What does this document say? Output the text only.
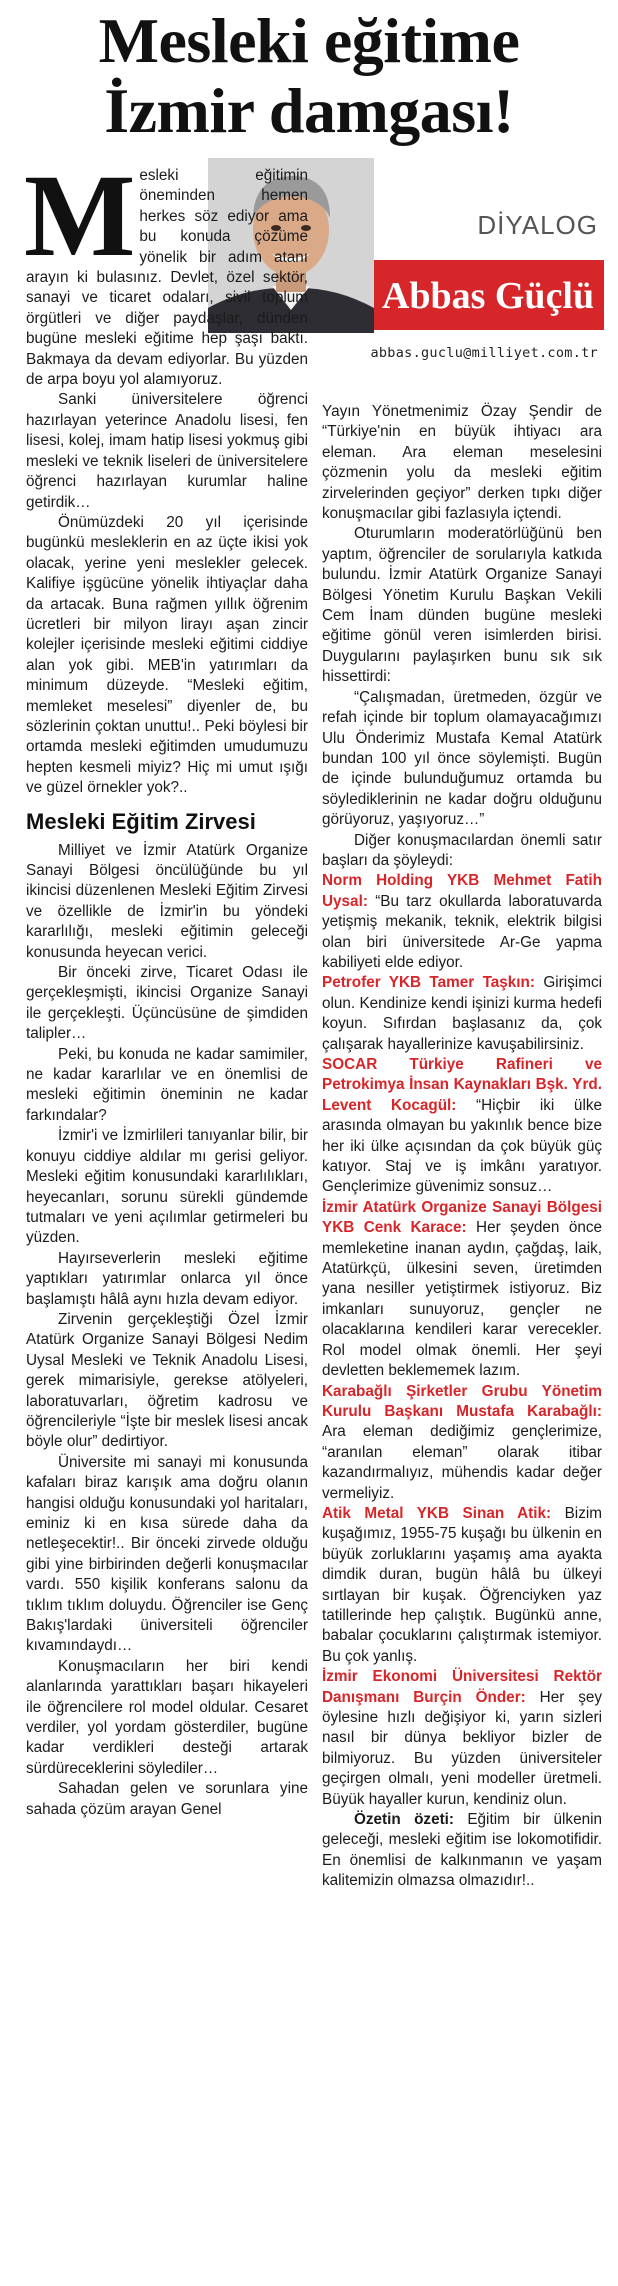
Mesleki eğitime
İzmir damgası!
DİYALOG
Abbas Güçlü
abbas.guclu@milliyet.com.tr

Mesleki eğitimin öneminden hemen herkes söz ediyor ama bu konuda çözüme yönelik bir adım atanı arayın ki bulasınız. Devlet, özel sektör, sanayi ve ticaret odaları, sivil toplum örgütleri ve diğer paydaşlar, dünden bugüne mesleki eğitime hep şaşı baktı. Bakmaya da devam ediyorlar. Bu yüzden de arpa boyu yol alamıyoruz.

Sanki üniversitelere öğrenci hazırlayan yeterince Anadolu lisesi, fen lisesi, kolej, imam hatip lisesi yokmuş gibi mesleki ve teknik liseleri de üniversitelere öğrenci hazırlayan kurumlar haline getirdik…

Önümüzdeki 20 yıl içerisinde bugünkü mesleklerin en az üçte ikisi yok olacak, yerine yeni meslekler gelecek. Kalifiye işgücüne yönelik ihtiyaçlar daha da artacak. Buna rağmen yıllık öğrenim ücretleri bir milyon lirayı aşan zincir kolejler içerisinde mesleki eğitimi ciddiye alan yok gibi. MEB'in yatırımları da minimum düzeyde. “Mesleki eğitim, memleket meselesi” diyenler de, bu sözlerinin çoktan unuttu!.. Peki böylesi bir ortamda mesleki eğitimden umudumuzu hepten kesmeli miyiz? Hiç mi umut ışığı ve güzel örnekler yok?..

Mesleki Eğitim Zirvesi

Milliyet ve İzmir Atatürk Organize Sanayi Bölgesi öncülüğünde bu yıl ikincisi düzenlenen Mesleki Eğitim Zirvesi ve özellikle de İzmir'in bu yöndeki kararlılığı, mesleki eğitimin geleceği konusunda heyecan verici.

Bir önceki zirve, Ticaret Odası ile gerçekleşmişti, ikincisi Organize Sanayi ile gerçekleşti. Üçüncüsüne de şimdiden talipler…

Peki, bu konuda ne kadar samimiler, ne kadar kararlılar ve en önemlisi de mesleki eğitimin öneminin ne kadar farkındalar?

İzmir'i ve İzmirlileri tanıyanlar bilir, bir konuyu ciddiye aldılar mı gerisi geliyor. Mesleki eğitim konusundaki kararlılıkları, heyecanları, sorunu sürekli gündemde tutmaları ve yeni açılımlar getirmeleri bu yüzden.

Hayırseverlerin mesleki eğitime yaptıkları yatırımlar onlarca yıl önce başlamıştı hâlâ aynı hızla devam ediyor.

Zirvenin gerçekleştiği Özel İzmir Atatürk Organize Sanayi Bölgesi Nedim Uysal Mesleki ve Teknik Anadolu Lisesi, gerek mimarisiyle, gerekse atölyeleri, laboratuvarları, öğretim kadrosu ve öğrencileriyle “İşte bir meslek lisesi ancak böyle olur” dedirtiyor.

Üniversite mi sanayi mi konusunda kafaları biraz karışık ama doğru olanın hangisi olduğu konusundaki yol haritaları, eminiz ki en kısa sürede daha da netleşecektir!.. Bir önceki zirvede olduğu gibi yine birbirinden değerli konuşmacılar vardı. 550 kişilik konferans salonu da tıklım tıklım doluydu. Öğrenciler ise Genç Bakış'lardaki üniversiteli öğrenciler kıvamındaydı…

Konuşmacıların her biri kendi alanlarında yarattıkları başarı hikayeleri ile öğrencilere rol model oldular. Cesaret verdiler, yol yordam gösterdiler, bugüne kadar verdikleri desteği artarak sürdüreceklerini söylediler…

Sahadan gelen ve sorunlara yine sahada çözüm arayan Genel

Yayın Yönetmenimiz Özay Şendir de “Türkiye'nin en büyük ihtiyacı ara eleman. Ara eleman meselesini çözmenin yolu da mesleki eğitim zirvelerinden geçiyor” derken tıpkı diğer konuşmacılar gibi fazlasıyla içtendi.

Oturumların moderatörlüğünü ben yaptım, öğrenciler de sorularıyla katkıda bulundu. İzmir Atatürk Organize Sanayi Bölgesi Yönetim Kurulu Başkan Vekili Cem İnam dünden bugüne mesleki eğitime gönül veren isimlerden birisi. Duygularını paylaşırken bunu sık sık hissettirdi:

“Çalışmadan, üretmeden, özgür ve refah içinde bir toplum olamayacağımızı Ulu Önderimiz Mustafa Kemal Atatürk bundan 100 yıl önce söylemişti. Bugün de içinde bulunduğumuz ortamda bu söylediklerinin ne kadar doğru olduğunu görüyoruz, yaşıyoruz…”

Diğer konuşmacılardan önemli satır başları da şöyleydi:

Norm Holding YKB Mehmet Fatih Uysal: “Bu tarz okullarda laboratuvarda yetişmiş mekanik, teknik, elektrik bilgisi olan biri üniversitede Ar-Ge yapma kabiliyeti elde ediyor.

Petrofer YKB Tamer Taşkın: Girişimci olun. Kendinize kendi işinizi kurma hedefi koyun. Sıfırdan başlasanız da, çok çalışarak hayallerinize kavuşabilirsiniz.

SOCAR Türkiye Rafineri ve Petrokimya İnsan Kaynakları Bşk. Yrd. Levent Kocagül: “Hiçbir iki ülke arasında olmayan bu yakınlık bence bize her iki ülke açısından da çok büyük güç katıyor. Staj ve iş imkânı yaratıyor. Gençlerimize güvenimiz sonsuz…

İzmir Atatürk Organize Sanayi Bölgesi YKB Cenk Karace: Her şeyden önce memleketine inanan aydın, çağdaş, laik, Atatürkçü, ülkesini seven, üretimden yana nesiller yetiştirmek istiyoruz. Biz imkanları sunuyoruz, gençler ne olacaklarına kendileri karar verecekler. Rol model olmak önemli. Her şeyi devletten beklememek lazım.

Karabağlı Şirketler Grubu Yönetim Kurulu Başkanı Mustafa Karabağlı: Ara eleman dediğimiz gençlerimize, “aranılan eleman” olarak itibar kazandırmalıyız, mühendis kadar değer vermeliyiz.

Atik Metal YKB Sinan Atik: Bizim kuşağımız, 1955-75 kuşağı bu ülkenin en büyük zorluklarını yaşamış ama ayakta dimdik duran, bugün hâlâ bu ülkeyi sırtlayan bir kuşak. Öğrenciyken yaz tatillerinde hep çalıştık. Bugünkü anne, babalar çocuklarını çalıştırmak istemiyor. Bu çok yanlış.

İzmir Ekonomi Üniversitesi Rektör Danışmanı Burçin Önder: Her şey öylesine hızlı değişiyor ki, yarın sizleri nasıl bir dünya bekliyor bizler de bilmiyoruz. Bu yüzden üniversiteler geçirgen olmalı, yeni modeller üretmeli. Büyük hayaller kurun, kendiniz olun.

Özetin özeti: Eğitim bir ülkenin geleceği, mesleki eğitim ise lokomotifidir. En önemlisi de kalkınmanın ve yaşam kalitemizin olmazsa olmazıdır!..
